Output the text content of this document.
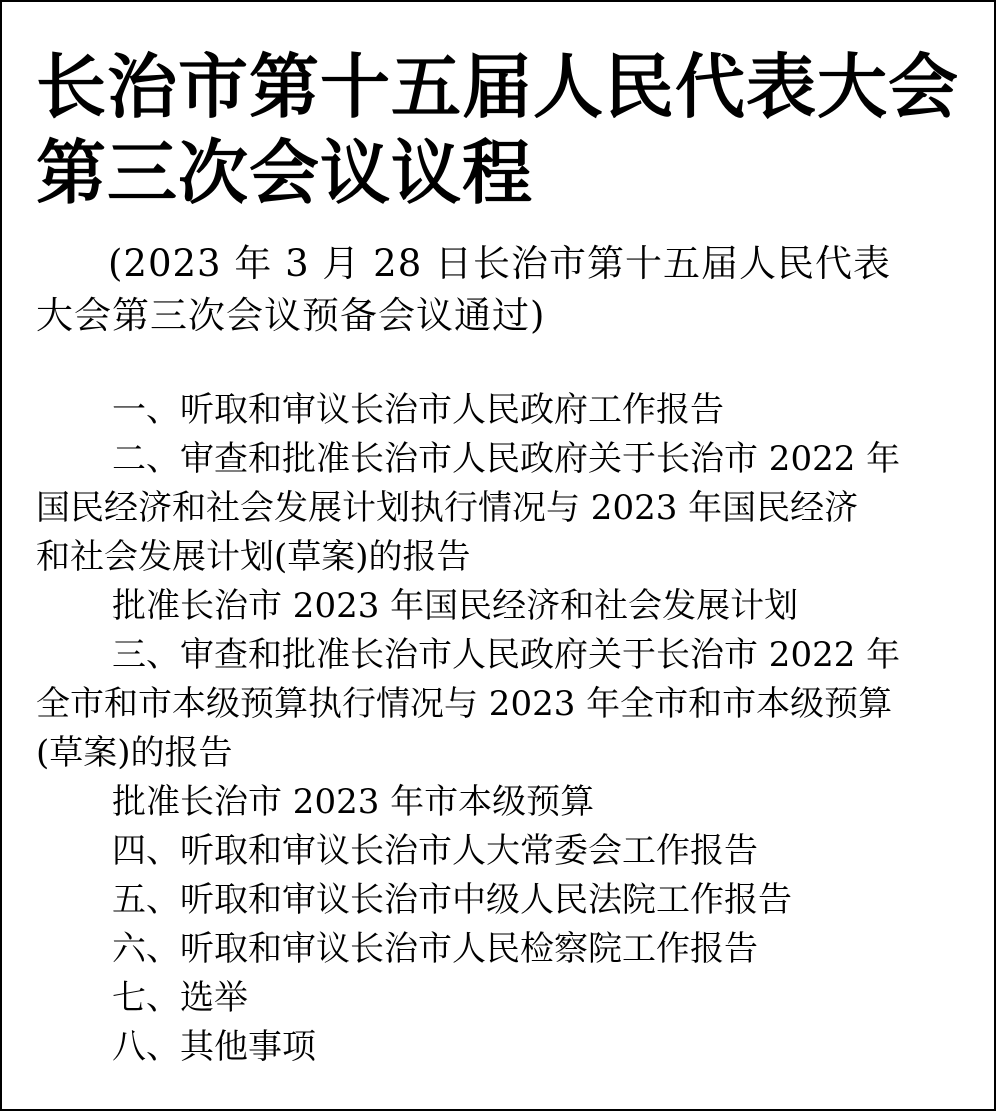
长治市第十五届人民代表大会
第三次会议议程
(2023 年 3 月 28 日长治市第十五届人民代表
大会第三次会议预备会议通过)
一、听取和审议长治市人民政府工作报告
二、审查和批准长治市人民政府关于长治市 2022 年
国民经济和社会发展计划执行情况与 2023 年国民经济
和社会发展计划(草案)的报告
批准长治市 2023 年国民经济和社会发展计划
三、审查和批准长治市人民政府关于长治市 2022 年
全市和市本级预算执行情况与 2023 年全市和市本级预算
(草案)的报告
批准长治市 2023 年市本级预算
四、听取和审议长治市人大常委会工作报告
五、听取和审议长治市中级人民法院工作报告
六、听取和审议长治市人民检察院工作报告
七、选举
八、其他事项
